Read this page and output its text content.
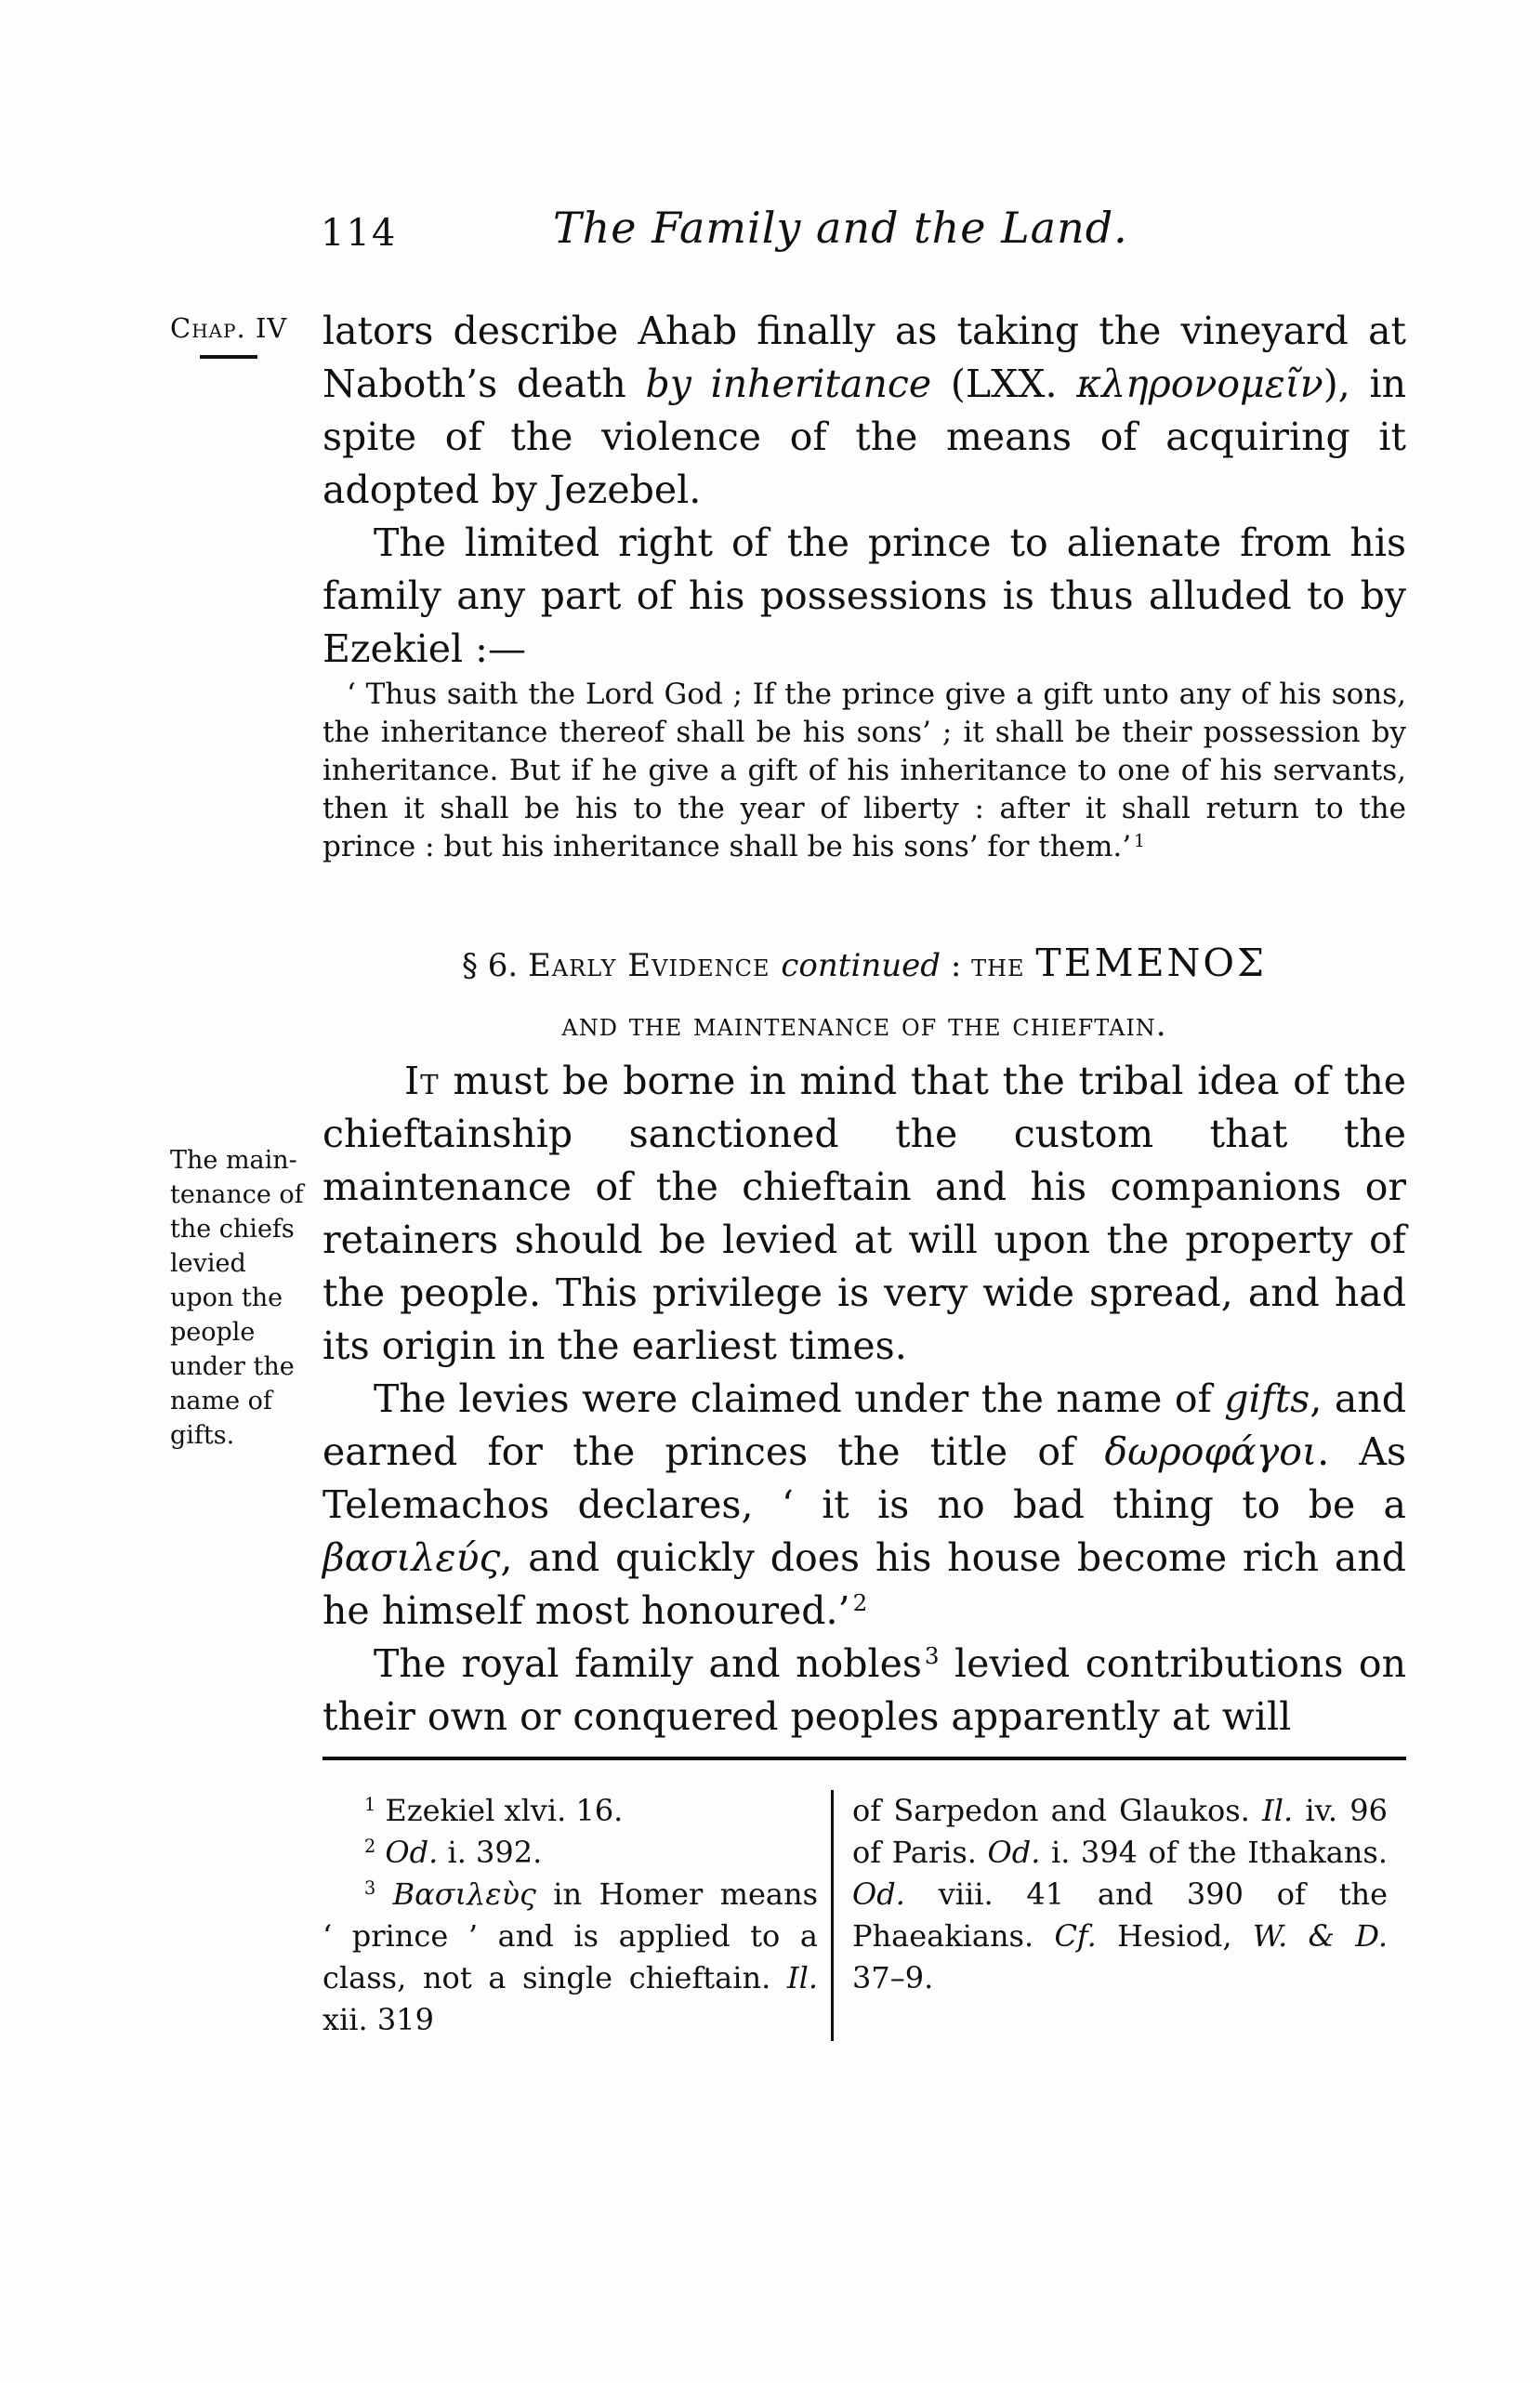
114	The Family and the Land.
Chap. IV
The main-
tenance of
the chiefs
levied
upon the
people
under the
name of
gifts.

lators describe Ahab finally as taking the vineyard at Naboth’s death by inheritance (LXX. κληρονομεῖν), in spite of the violence of the means of acquiring it adopted by Jezebel.

The limited right of the prince to alienate from his family any part of his possessions is thus alluded to by Ezekiel :—

‘ Thus saith the Lord God ; If the prince give a gift unto any of his sons, the inheritance thereof shall be his sons’ ; it shall be their possession by inheritance. But if he give a gift of his inheritance to one of his servants, then it shall be his to the year of liberty : after it shall return to the prince : but his inheritance shall be his sons’ for them.’ $^1$

§ 6. Early Evidence continued : the ΤΕΜΕΝΟΣ

and the maintenance of the chieftain.

It must be borne in mind that the tribal idea of the chieftainship sanctioned the custom that the maintenance of the chieftain and his companions or retainers should be levied at will upon the property of the people. This privilege is very wide spread, and had its origin in the earliest times.

The levies were claimed under the name of gifts, and earned for the princes the title of δωροφάγοι. As Telemachos declares, ‘ it is no bad thing to be a βασιλεύς, and quickly does his house become rich and he himself most honoured.’ $^2$

The royal family and nobles $^3$ levied contributions on their own or conquered peoples apparently at will

$^1$ Ezekiel xlvi. 16.

$^2$ Od. i. 392.

$^3$ Βασιλεὺς in Homer means ‘ prince ’ and is applied to a class, not a single chieftain. Il. xii. 319

of Sarpedon and Glaukos. Il. iv. 96 of Paris. Od. i. 394 of the Ithakans. Od. viii. 41 and 390 of the Phaeakians. Cf. Hesiod, W. & D. 37–9.
